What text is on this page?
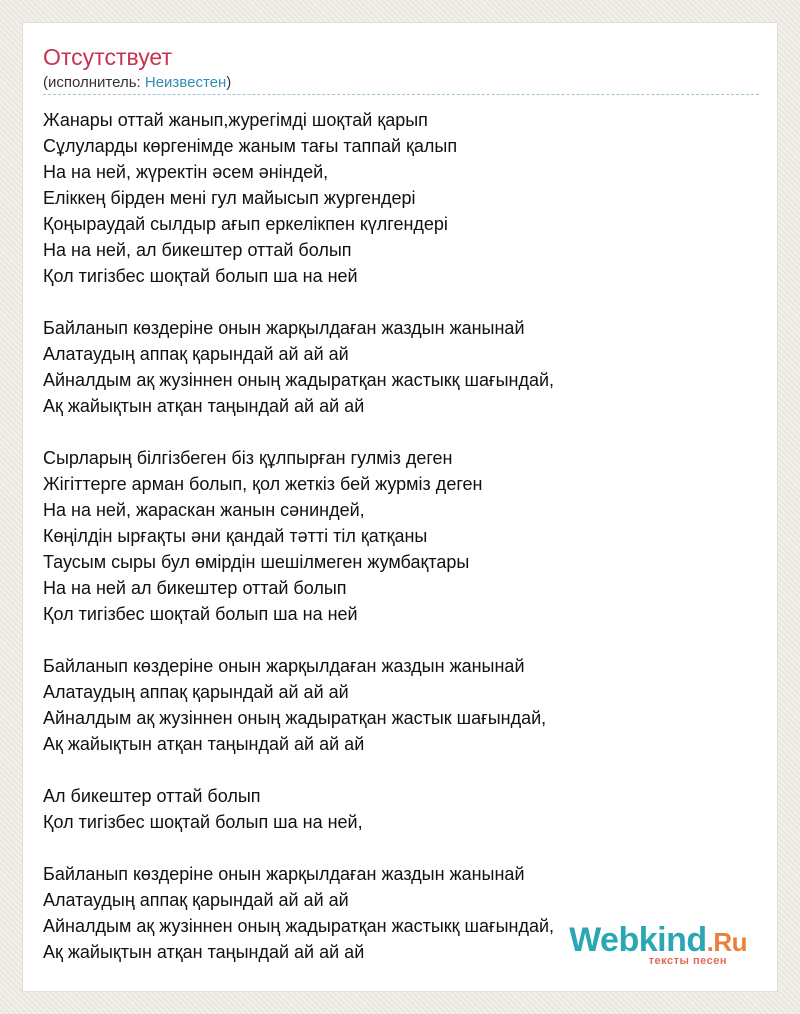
Отсутствует
(исполнитель: Неизвестен)
Жанары оттай жанып,журегімді шоқтай қарып
Сұлуларды көргенімде жаным тағы таппай қалып
На на ней, жүректін әсем әніндей,
Еліккең бірден мені гул майысып жургендері
Қоңыраудай сылдыр ағып еркелікпен күлгендері
На на ней, ал бикештер оттай болып
Қол тигізбес шоқтай болып ша на ней
Байланып көздеріне онын жарқылдаған жаздын жанынай
Алатаудың аппақ қарындай ай ай ай
Айналдым ақ жузіннен оның жадыратқан жастыкқ шағындай,
Ақ жайықтын атқан таңындай ай ай ай
Сырларың білгізбеген біз құлпырған гулміз деген
Жігіттерге арман болып, қол жеткіз бей журміз деген
На на ней, жараскан жанын сәниндей,
Көңілдін ырғақты әни қандай тәтті тіл қатқаны
Таусым сыры бул өмірдін шешілмеген жумбақтары
На на ней ал бикештер оттай болып
Қол тигізбес шоқтай болып ша на ней
Байланып көздеріне онын жарқылдаған жаздын жанынай
Алатаудың аппақ қарындай ай ай ай
Айналдым ақ жузіннен оның жадыратқан жастык шағындай,
Ақ жайықтын атқан таңындай ай ай ай
Ал бикештер оттай болып
Қол тигізбес шоқтай болып ша на ней,
Байланып көздеріне онын жарқылдаған жаздын жанынай
Алатаудың аппақ қарындай ай ай ай
Айналдым ақ жузіннен оның жадыратқан жастыкқ шағындай,
Ақ жайықтын атқан таңындай ай ай ай	Webkind.Ru
тексты песен
